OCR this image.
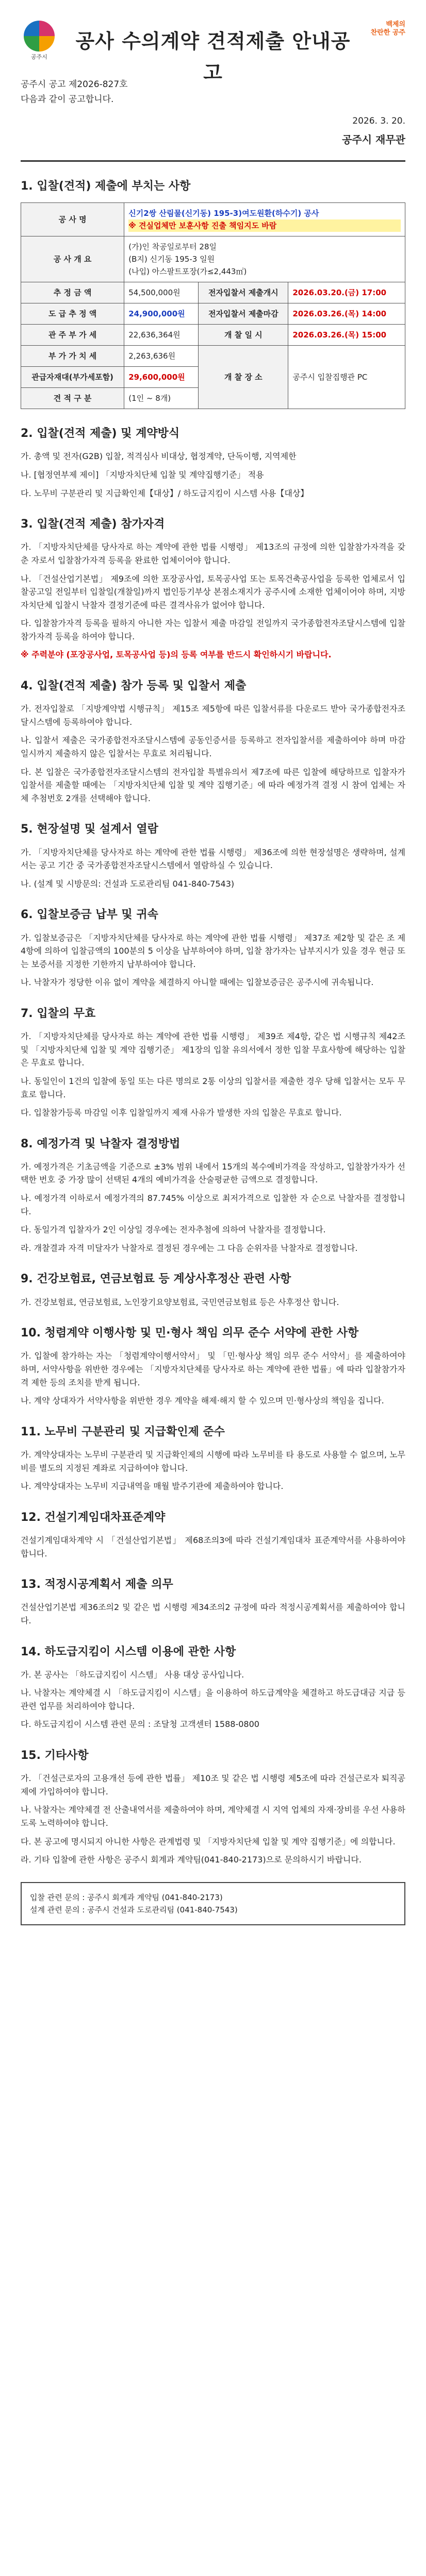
공주시
공사 수의계약 견적제출 안내공고
백제의
찬란한 공주
공주시 공고 제2026-827호
다음과 같이 공고합니다.
2026. 3. 20.
공주시 재무관
1. 입찰(견적) 제출에 부치는 사항
공 사 명	신기2쌍 산림물(신기동) 195-3)여도원환(하수기) 공사
※ 견실업체만 보훈사항 진출 책임지도 바람		

공 사 개 요	(가)인 착공일로부터 28일
(B지) 신기동 195-3 일원
(나입) 아스팔트포장(가≤2,443㎡)		

추 정 금 액	54,500,000원	전자입찰서 제출개시	2026.03.20.(금) 17:00
도 급 추 정 액	24,900,000원	전자입찰서 제출마감	2026.03.26.(목) 14:00
관 주 부 가 세	22,636,364원	개 찰 일 시	2026.03.26.(목) 15:00
부 가 가 치 세	2,263,636원	개 찰 장 소	공주시 입찰집행관 PC
관급자재대(부가세포함)	29,600,000원		
견 적 구 분	(1인 ~ 8개)		
2. 입찰(견적 제출) 및 계약방식

가. 총액 및 전자(G2B) 입찰, 적격심사 비대상, 협정계약, 단독이행, 지역제한

나. [협정연부제 제이] 「지방자치단체 입찰 및 계약집행기준」 적용

다. 노무비 구분관리 및 지급확인제【대상】/ 하도급지킴이 시스템 사용【대상】

3. 입찰(견적 제출) 참가자격

가. 「지방자치단체를 당사자로 하는 계약에 관한 법률 시행령」 제13조의 규정에 의한 입찰참가자격을 갖춘 자로서 입찰참가자격 등록을 완료한 업체이어야 합니다.

나. 「건설산업기본법」 제9조에 의한 포장공사업, 토목공사업 또는 토목건축공사업을 등록한 업체로서 입찰공고일 전일부터 입찰일(개찰일)까지 법인등기부상 본점소재지가 공주시에 소재한 업체이어야 하며, 지방자치단체 입찰시 낙찰자 결정기준에 따른 결격사유가 없어야 합니다.

다. 입찰참가자격 등록을 필하지 아니한 자는 입찰서 제출 마감일 전일까지 국가종합전자조달시스템에 입찰참가자격 등록을 하여야 합니다.

※ 주력분야 (포장공사업, 토목공사업 등)의 등록 여부를 반드시 확인하시기 바랍니다.

4. 입찰(견적 제출) 참가 등록 및 입찰서 제출

가. 전자입찰로 「지방계약법 시행규칙」 제15조 제5항에 따른 입찰서류를 다운로드 받아 국가종합전자조달시스템에 등록하여야 합니다.

나. 입찰서 제출은 국가종합전자조달시스템에 공동인증서를 등록하고 전자입찰서를 제출하여야 하며 마감일시까지 제출하지 않은 입찰서는 무효로 처리됩니다.

다. 본 입찰은 국가종합전자조달시스템의 전자입찰 특별유의서 제7조에 따른 입찰에 해당하므로 입찰자가 입찰서를 제출할 때에는 「지방자치단체 입찰 및 계약 집행기준」에 따라 예정가격 결정 시 참여 업체는 자체 추첨번호 2개를 선택해야 합니다.

5. 현장설명 및 설계서 열람

가. 「지방자치단체를 당사자로 하는 계약에 관한 법률 시행령」 제36조에 의한 현장설명은 생략하며, 설계서는 공고 기간 중 국가종합전자조달시스템에서 열람하실 수 있습니다.

나. (설계 및 시방문의: 건설과 도로관리팀 041-840-7543)

6. 입찰보증금 납부 및 귀속

가. 입찰보증금은 「지방자치단체를 당사자로 하는 계약에 관한 법률 시행령」 제37조 제2항 및 같은 조 제4항에 의하여 입찰금액의 100분의 5 이상을 납부하여야 하며, 입찰 참가자는 납부지시가 있을 경우 현금 또는 보증서를 지정한 기한까지 납부하여야 합니다.

나. 낙찰자가 정당한 이유 없이 계약을 체결하지 아니할 때에는 입찰보증금은 공주시에 귀속됩니다.

7. 입찰의 무효

가. 「지방자치단체를 당사자로 하는 계약에 관한 법률 시행령」 제39조 제4항, 같은 법 시행규칙 제42조 및 「지방자치단체 입찰 및 계약 집행기준」 제1장의 입찰 유의서에서 정한 입찰 무효사항에 해당하는 입찰은 무효로 합니다.

나. 동일인이 1건의 입찰에 동일 또는 다른 명의로 2통 이상의 입찰서를 제출한 경우 당해 입찰서는 모두 무효로 합니다.

다. 입찰참가등록 마감일 이후 입찰일까지 제재 사유가 발생한 자의 입찰은 무효로 합니다.

8. 예정가격 및 낙찰자 결정방법

가. 예정가격은 기초금액을 기준으로 ±3% 범위 내에서 15개의 복수예비가격을 작성하고, 입찰참가자가 선택한 번호 중 가장 많이 선택된 4개의 예비가격을 산술평균한 금액으로 결정합니다.

나. 예정가격 이하로서 예정가격의 87.745% 이상으로 최저가격으로 입찰한 자 순으로 낙찰자를 결정합니다.

다. 동일가격 입찰자가 2인 이상일 경우에는 전자추첨에 의하여 낙찰자를 결정합니다.

라. 개찰결과 자격 미달자가 낙찰자로 결정된 경우에는 그 다음 순위자를 낙찰자로 결정합니다.

9. 건강보험료, 연금보험료 등 계상사후정산 관련 사항

가. 건강보험료, 연금보험료, 노인장기요양보험료, 국민연금보험료 등은 사후정산 합니다.

10. 청렴계약 이행사항 및 민·형사 책임 의무 준수 서약에 관한 사항

가. 입찰에 참가하는 자는 「청렴계약이행서약서」 및 「민·형사상 책임 의무 준수 서약서」를 제출하여야 하며, 서약사항을 위반한 경우에는 「지방자치단체를 당사자로 하는 계약에 관한 법률」에 따라 입찰참가자격 제한 등의 조치를 받게 됩니다.

나. 계약 상대자가 서약사항을 위반한 경우 계약을 해제·해지 할 수 있으며 민·형사상의 책임을 집니다.

11. 노무비 구분관리 및 지급확인제 준수

가. 계약상대자는 노무비 구분관리 및 지급확인제의 시행에 따라 노무비를 타 용도로 사용할 수 없으며, 노무비를 별도의 지정된 계좌로 지급하여야 합니다.

나. 계약상대자는 노무비 지급내역을 매월 발주기관에 제출하여야 합니다.

12. 건설기계임대차표준계약

건설기계임대차계약 시 「건설산업기본법」 제68조의3에 따라 건설기계임대차 표준계약서를 사용하여야 합니다.

13. 적정시공계획서 제출 의무

건설산업기본법 제36조의2 및 같은 법 시행령 제34조의2 규정에 따라 적정시공계획서를 제출하여야 합니다.

14. 하도급지킴이 시스템 이용에 관한 사항

가. 본 공사는 「하도급지킴이 시스템」 사용 대상 공사입니다.

나. 낙찰자는 계약체결 시 「하도급지킴이 시스템」을 이용하여 하도급계약을 체결하고 하도급대금 지급 등 관련 업무를 처리하여야 합니다.

다. 하도급지킴이 시스템 관련 문의 : 조달청 고객센터 1588-0800

15. 기타사항

가. 「건설근로자의 고용개선 등에 관한 법률」 제10조 및 같은 법 시행령 제5조에 따라 건설근로자 퇴직공제에 가입하여야 합니다.

나. 낙찰자는 계약체결 전 산출내역서를 제출하여야 하며, 계약체결 시 지역 업체의 자재·장비를 우선 사용하도록 노력하여야 합니다.

다. 본 공고에 명시되지 아니한 사항은 관계법령 및 「지방자치단체 입찰 및 계약 집행기준」에 의합니다.

라. 기타 입찰에 관한 사항은 공주시 회계과 계약팀(041-840-2173)으로 문의하시기 바랍니다.

입찰 관련 문의 : 공주시 회계과 계약팀 (041-840-2173)
설계 관련 문의 : 공주시 건설과 도로관리팀 (041-840-7543)
